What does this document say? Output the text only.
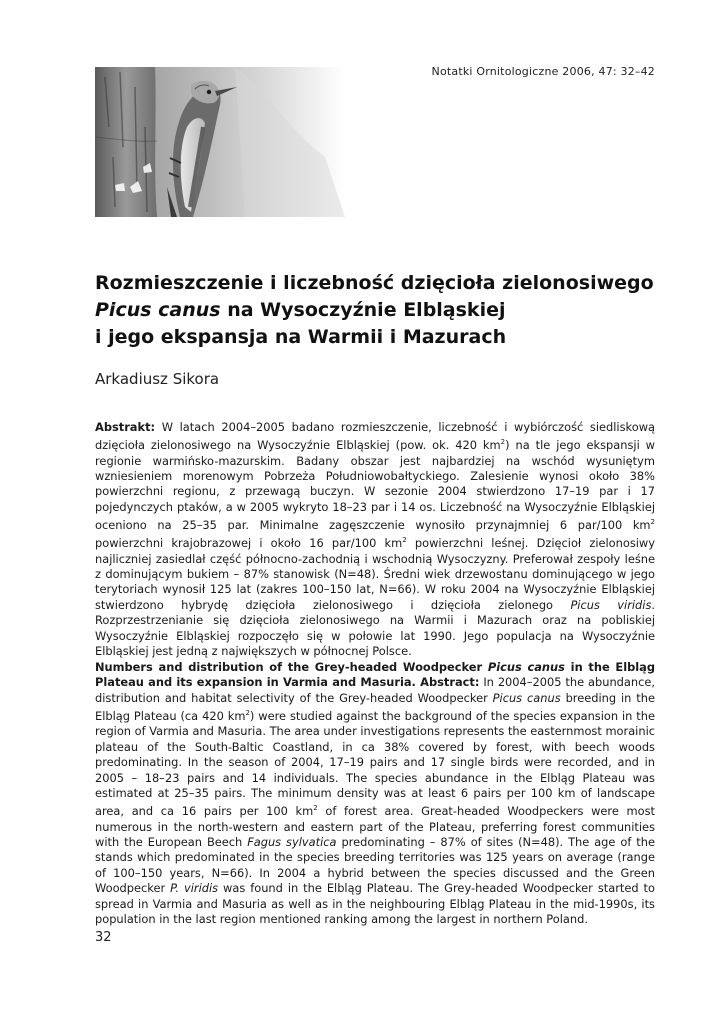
Notatki Ornitologiczne 2006, 47: 32–42
Rozmieszczenie i liczebność dzięcioła zielonosiwego
Picus canus na Wysoczyźnie Elbląskiej
i jego ekspansja na Warmii i Mazurach

Arkadiusz Sikora

Abstrakt: W latach 2004–2005 badano rozmieszczenie, liczebność i wybiórczość siedliskową dzięcioła zielonosiwego na Wysoczyźnie Elbląskiej (pow. ok. 420 $km^2$) na tle jego ekspansji w regionie warmińsko-mazurskim. Badany obszar jest najbardziej na wschód wysuniętym wzniesieniem morenowym Pobrzeża Południowobałtyckiego. Zalesienie wynosi około 38% powierzchni regionu, z przewagą buczyn. W sezonie 2004 stwierdzono 17–19 par i 17 pojedynczych ptaków, a w 2005 wykryto 18–23 par i 14 os. Liczebność na Wysoczyźnie Elbląskiej oceniono na 25–35 par. Minimalne zagęszczenie wynosiło przynajmniej 6 par/100 $km^2$ powierzchni krajobrazowej i około 16 par/100 $km^2$ powierzchni leśnej. Dzięcioł zielonosiwy najliczniej zasiedlał część północno-zachodnią i wschodnią Wysoczyzny. Preferował zespoły leśne z dominującym bukiem – 87% stanowisk (N=48). Średni wiek drzewostanu dominującego w jego terytoriach wynosił 125 lat (zakres 100–150 lat, N=66). W roku 2004 na Wysoczyźnie Elbląskiej stwierdzono hybrydę dzięcioła zielonosiwego i dzięcioła zielonego Picus viridis. Rozprzestrzenianie się dzięcioła zielonosiwego na Warmii i Mazurach oraz na pobliskiej Wysoczyźnie Elbląskiej rozpoczęło się w połowie lat 1990. Jego populacja na Wysoczyźnie Elbląskiej jest jedną z największych w północnej Polsce.

Numbers and distribution of the Grey-headed Woodpecker Picus canus in the Elbląg Plateau and its expansion in Varmia and Masuria. Abstract: In 2004–2005 the abundance, distribution and habitat selectivity of the Grey-headed Woodpecker Picus canus breeding in the Elbląg Plateau (ca 420 $km^2$) were studied against the background of the species expansion in the region of Varmia and Masuria. The area under investigations represents the easternmost morainic plateau of the South-Baltic Coastland, in ca 38% covered by forest, with beech woods predominating. In the season of 2004, 17–19 pairs and 17 single birds were recorded, and in 2005 – 18–23 pairs and 14 individuals. The species abundance in the Elbląg Plateau was estimated at 25–35 pairs. The minimum density was at least 6 pairs per 100 km of landscape area, and ca 16 pairs per 100 $km^2$ of forest area. Great-headed Woodpeckers were most numerous in the north-western and eastern part of the Plateau, preferring forest communities with the European Beech Fagus sylvatica predominating – 87% of sites (N=48). The age of the stands which predominated in the species breeding territories was 125 years on average (range of 100–150 years, N=66). In 2004 a hybrid between the species discussed and the Green Woodpecker P. viridis was found in the Elbląg Plateau. The Grey-headed Woodpecker started to spread in Varmia and Masuria as well as in the neighbouring Elbląg Plateau in the mid-1990s, its population in the last region mentioned ranking among the largest in northern Poland.

32
